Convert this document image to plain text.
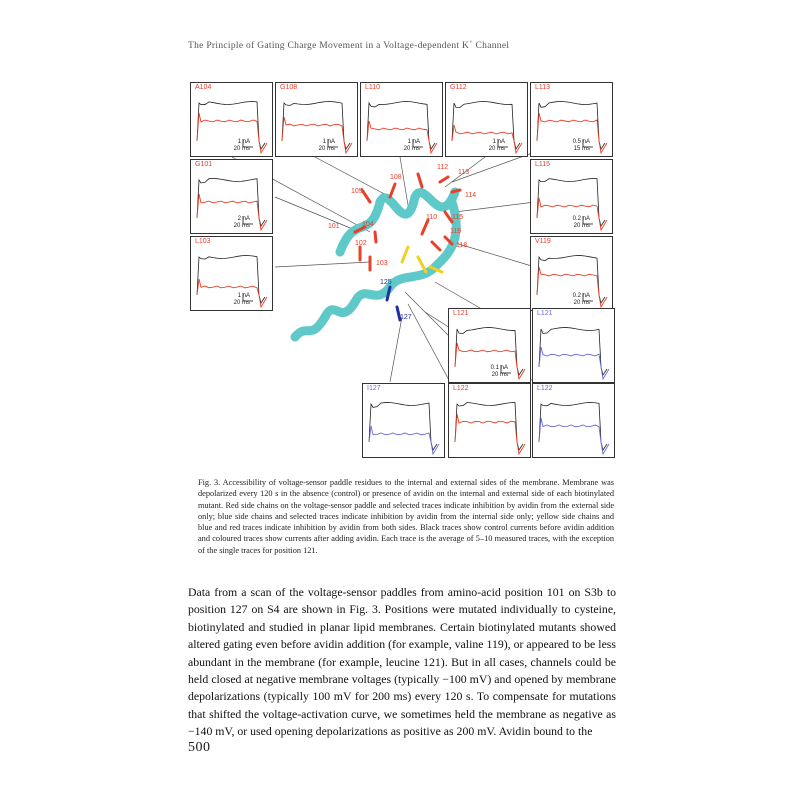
The Principle of Gating Charge Movement in a Voltage-dependent K+ Channel
105
108
112
113
114
110 115
101	104
102
119
118
103
125
127
A104
1 nA
20 ms
G108
1 nA
20 ms
L110
1 nA
20 ms
G112
1 nA
20 ms
L113
0.5 nA
15 ms
G101
2 nA
20 ms
L115
0.2 nA
20 ms
L103
1 nA
20 ms
V119
0.2 nA
20 ms
L121
0.1 nA
20 ms
L121
I127	L122	L122
Fig. 3. Accessibility of voltage-sensor paddle residues to the internal and external sides of the membrane. Membrane was depolarized every 120 s in the absence (control) or presence of avidin on the internal and external side of each biotinylated mutant. Red side chains on the voltage-sensor paddle and selected traces indicate inhibition by avidin from the external side only; blue side chains and selected traces indicate inhibition by avidin from the internal side only; yellow side chains and blue and red traces indicate inhibition by avidin from both sides. Black traces show control currents before avidin addition and coloured traces show currents after adding avidin. Each trace is the average of 5–10 measured traces, with the exception of the single traces for position 121.
Data from a scan of the voltage-sensor paddles from amino-acid position 101 on S3b to position 127 on S4 are shown in Fig. 3. Positions were mutated individually to cysteine, biotinylated and studied in planar lipid membranes. Certain biotinylated mutants showed altered gating even before avidin addition (for example, valine 119), or appeared to be less abundant in the membrane (for example, leucine 121). But in all cases, channels could be held closed at negative membrane voltages (typically −100 mV) and opened by membrane depolarizations (typically 100 mV for 200 ms) every 120 s. To compensate for mutations that shifted the voltage-activation curve, we sometimes held the membrane as negative as −140 mV, or used opening depolarizations as positive as 200 mV. Avidin bound to the
500
